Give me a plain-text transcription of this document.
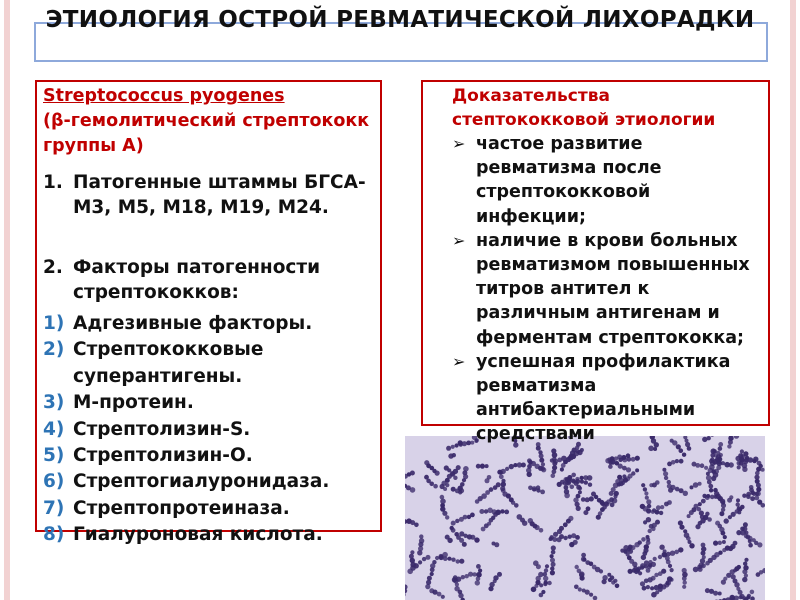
ЭТИОЛОГИЯ ОСТРОЙ РЕВМАТИЧЕСКОЙ ЛИХОРАДКИ
Streptococcus pyogenes
(β-гемолитический стрептококк группы А)
1. Патогенные штаммы БГСА- М3, М5, М18, М19, М24.
2. Факторы патогенности стрептококков:
1) Адгезивные факторы.
2) Стрептококковые суперантигены.
3) М-протеин.
4) Стрептолизин-S.
5) Стрептолизин-О.
6) Стрептогиалуронидаза.
7) Стрептопротеиназа.
8) Гиалуроновая кислота.
Доказательства стептококковой этиологии
➢ частое развитие ревматизма после стрептококковой инфекции;
➢ наличие в крови больных ревматизмом повышенных титров антител к различным антигенам и ферментам стрептококка;
➢ успешная профилактика ревматизма антибактериальными средствами
